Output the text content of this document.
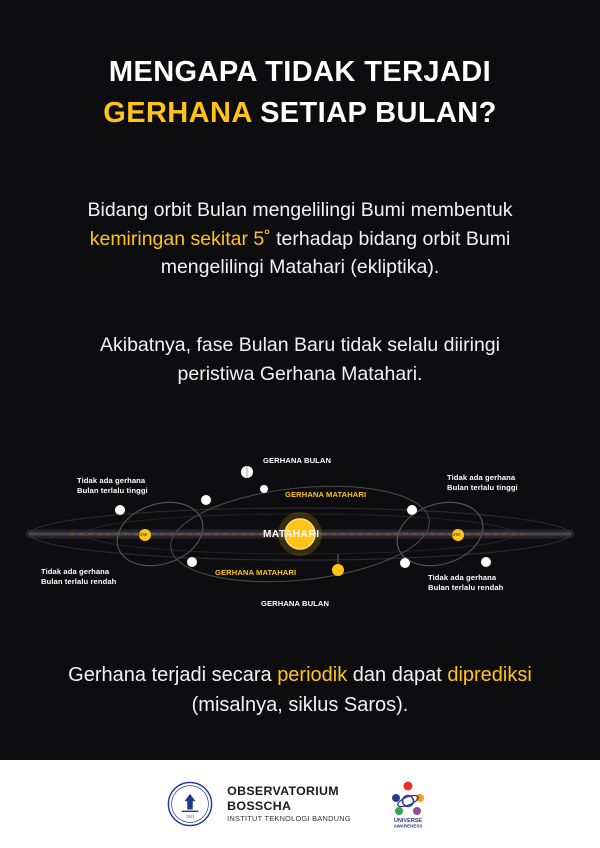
MENGAPA TIDAK TERJADI
GERHANA SETIAP BULAN?
Bidang orbit Bulan mengelilingi Bumi membentuk kemiringan sekitar 5˚ terhadap bidang orbit Bumi mengelilingi Matahari (ekliptika).
Akibatnya, fase Bulan Baru tidak selalu diiringi peristiwa Gerhana Matahari.
GERHANA BULAN
GERHANA MATAHARI
GERHANA MATAHARI
GERHANA BULAN
MATAHARI
Tidak ada gerhana
Bulan terlalu tinggi
Tidak ada gerhana
Bulan terlalu tinggi
Tidak ada gerhana
Bulan terlalu rendah	Tidak ada gerhana
Bulan terlalu rendah
BUMI	BUMI
Gerhana terjadi secara periodik dan dapat diprediksi (misalnya, siklus Saros).
1923
OBSERVATORIUM
BOSSCHA
INSTITUT TEKNOLOGI BANDUNG	UNIVERSE
AWARENESS
